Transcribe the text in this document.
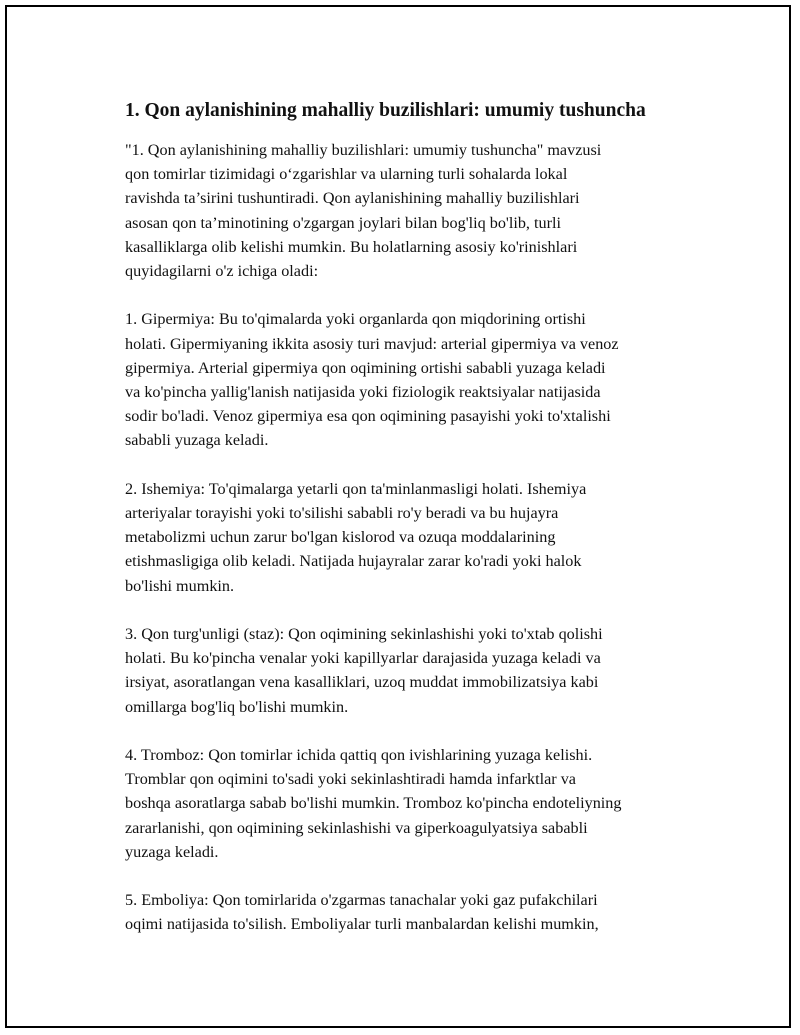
1. Qon aylanishining mahalliy buzilishlari: umumiy tushuncha

"1. Qon aylanishining mahalliy buzilishlari: umumiy tushuncha" mavzusi
qon tomirlar tizimidagi o‘zgarishlar va ularning turli sohalarda lokal
ravishda ta’sirini tushuntiradi. Qon aylanishining mahalliy buzilishlari
asosan qon ta’minotining o'zgargan joylari bilan bog'liq bo'lib, turli
kasalliklarga olib kelishi mumkin. Bu holatlarning asosiy ko'rinishlari
quyidagilarni o'z ichiga oladi:

1. Gipermiya: Bu to'qimalarda yoki organlarda qon miqdorining ortishi
holati. Gipermiyaning ikkita asosiy turi mavjud: arterial gipermiya va venoz
gipermiya. Arterial gipermiya qon oqimining ortishi sababli yuzaga keladi
va ko'pincha yallig'lanish natijasida yoki fiziologik reaktsiyalar natijasida
sodir bo'ladi. Venoz gipermiya esa qon oqimining pasayishi yoki to'xtalishi
sababli yuzaga keladi.

2. Ishemiya: To'qimalarga yetarli qon ta'minlanmasligi holati. Ishemiya
arteriyalar torayishi yoki to'silishi sababli ro'y beradi va bu hujayra
metabolizmi uchun zarur bo'lgan kislorod va ozuqa moddalarining
etishmasligiga olib keladi. Natijada hujayralar zarar ko'radi yoki halok
bo'lishi mumkin.

3. Qon turg'unligi (staz): Qon oqimining sekinlashishi yoki to'xtab qolishi
holati. Bu ko'pincha venalar yoki kapillyarlar darajasida yuzaga keladi va
irsiyat, asoratlangan vena kasalliklari, uzoq muddat immobilizatsiya kabi
omillarga bog'liq bo'lishi mumkin.

4. Tromboz: Qon tomirlar ichida qattiq qon ivishlarining yuzaga kelishi.
Tromblar qon oqimini to'sadi yoki sekinlashtiradi hamda infarktlar va
boshqa asoratlarga sabab bo'lishi mumkin. Tromboz ko'pincha endoteliyning
zararlanishi, qon oqimining sekinlashishi va giperkoagulyatsiya sababli
yuzaga keladi.

5. Emboliya: Qon tomirlarida o'zgarmas tanachalar yoki gaz pufakchilari
oqimi natijasida to'silish. Emboliyalar turli manbalardan kelishi mumkin,
